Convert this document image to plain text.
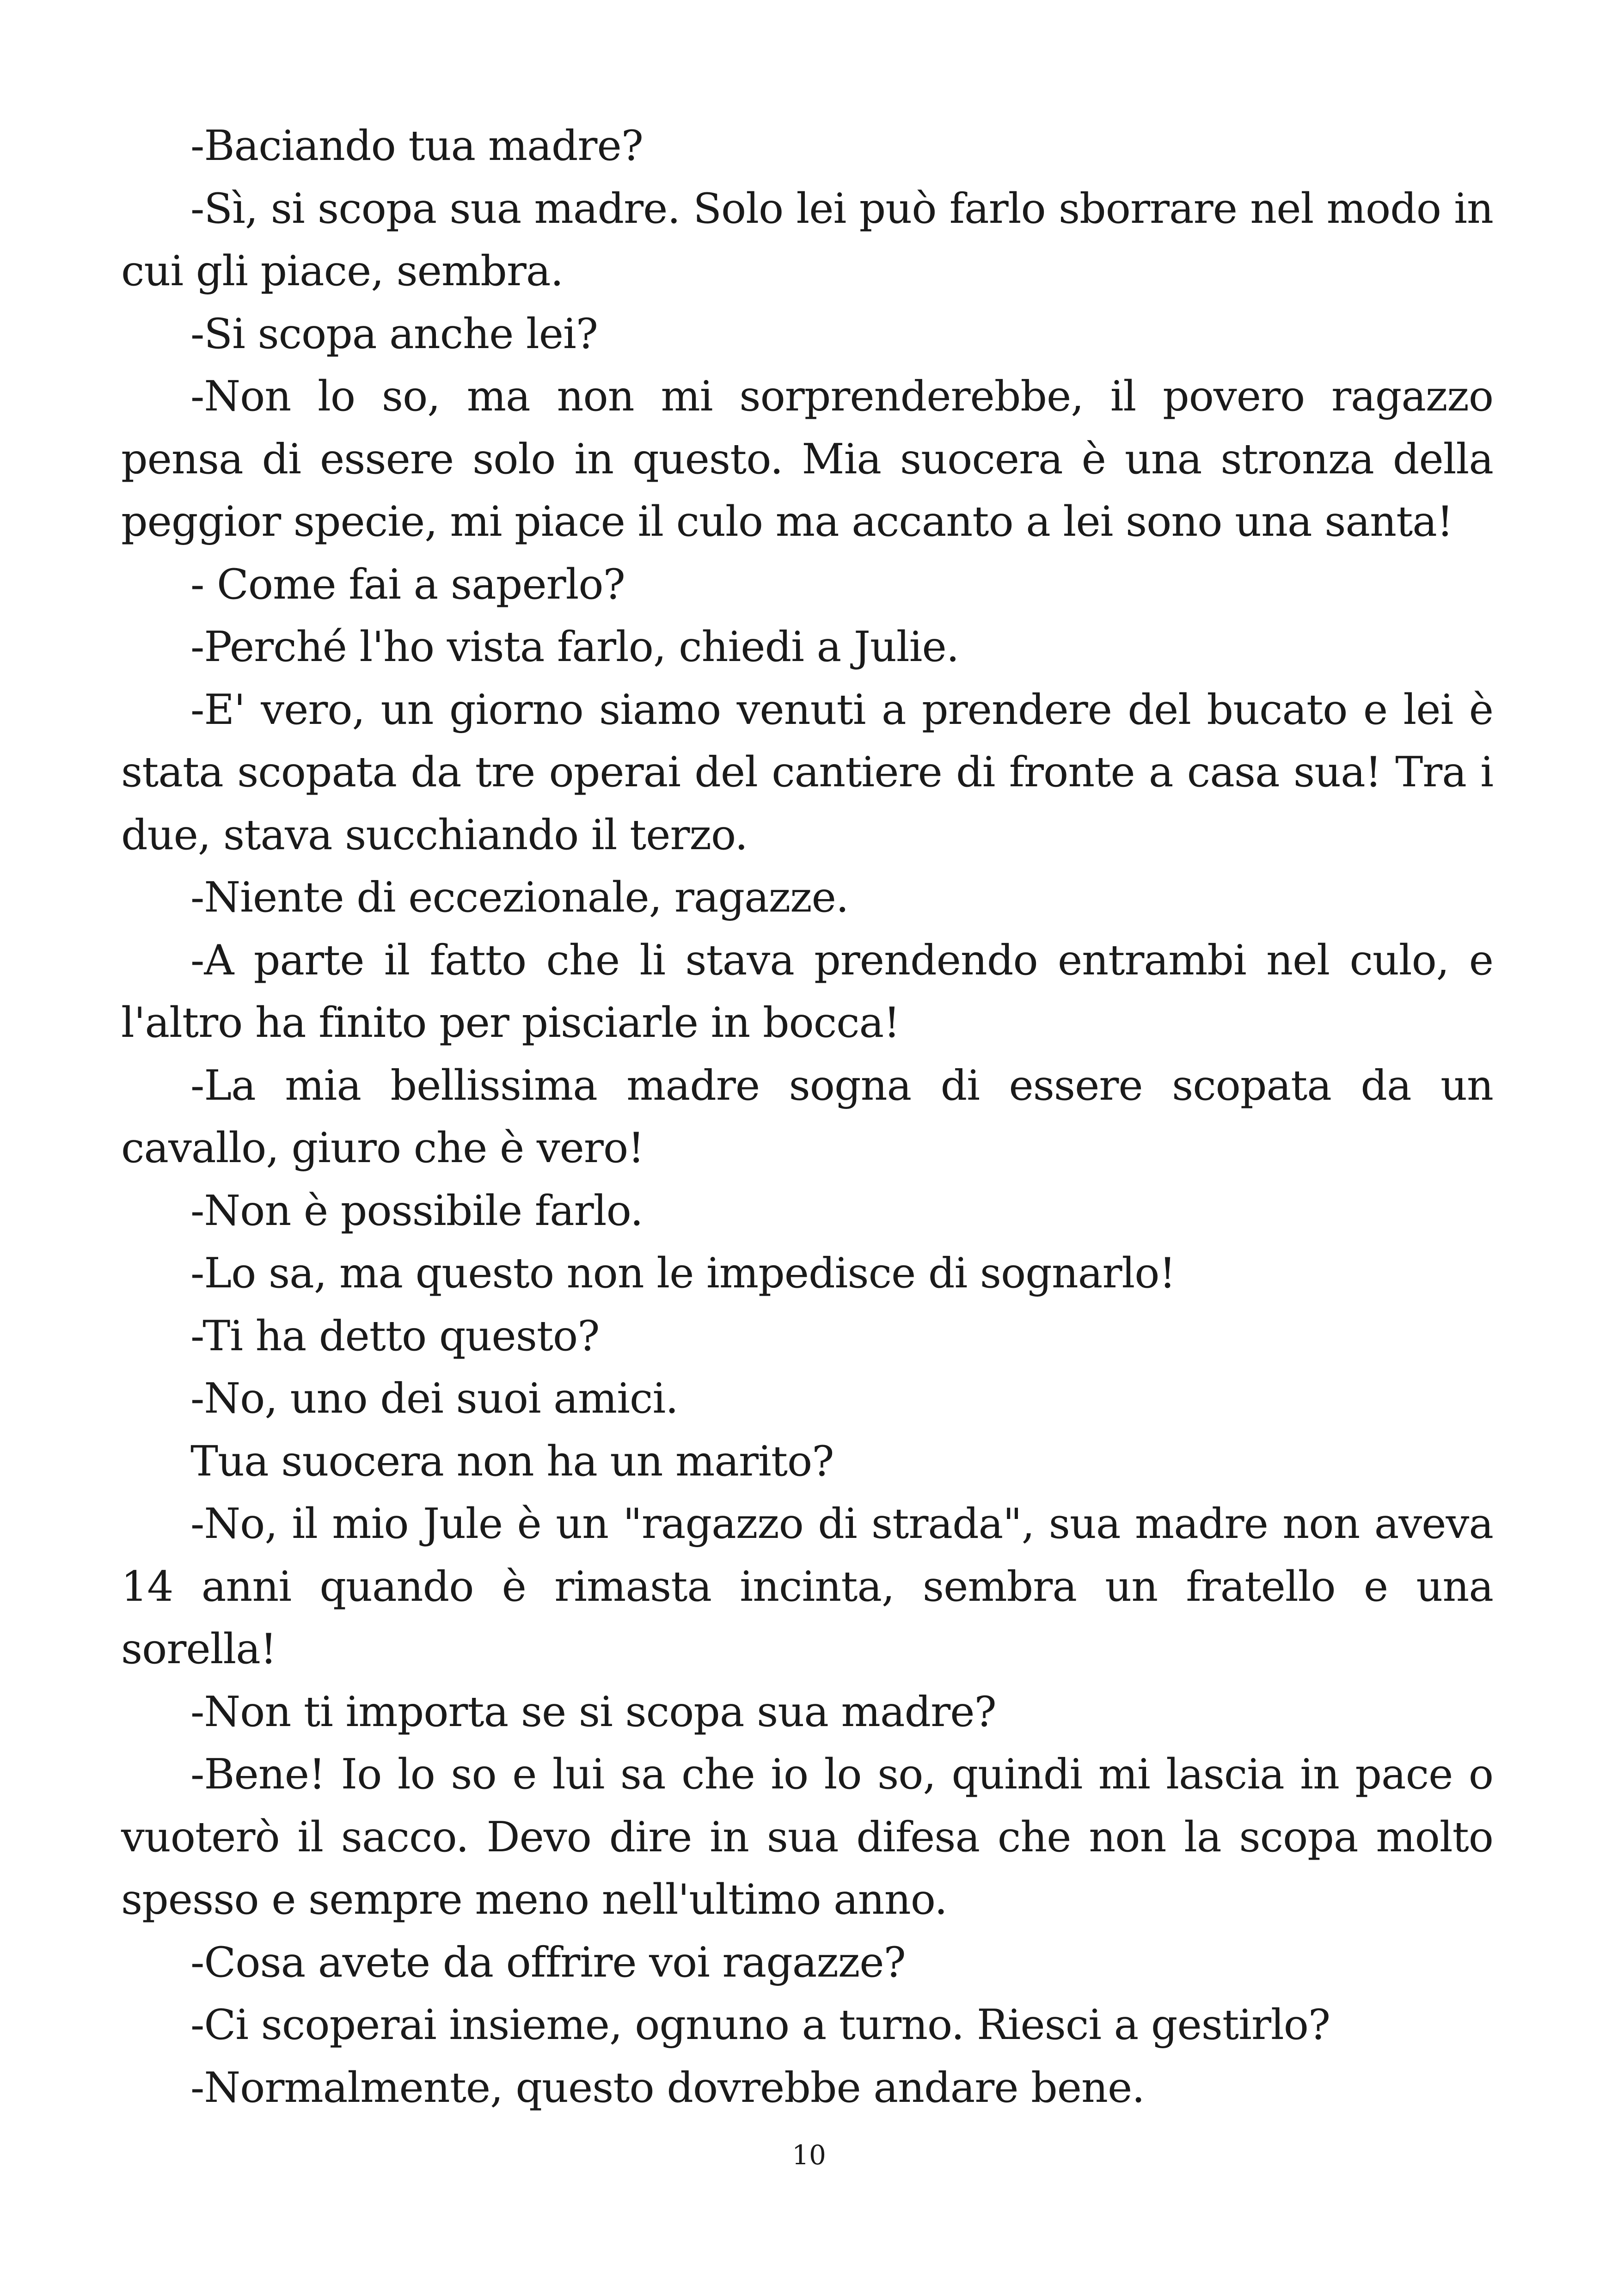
-Baciando tua madre?

-Sì, si scopa sua madre. Solo lei può farlo sborrare nel modo in cui gli piace, sembra.

-Si scopa anche lei?

-Non lo so, ma non mi sorprenderebbe, il povero ragazzo pensa di essere solo in questo. Mia suocera è una stronza della peggior specie, mi piace il culo ma accanto a lei sono una santa!

- Come fai a saperlo?

-Perché l'ho vista farlo, chiedi a Julie.

-E' vero, un giorno siamo venuti a prendere del bucato e lei è stata scopata da tre operai del cantiere di fronte a casa sua! Tra i due, stava succhiando il terzo.

-Niente di eccezionale, ragazze.

-A parte il fatto che li stava prendendo entrambi nel culo, e l'altro ha finito per pisciarle in bocca!

-La mia bellissima madre sogna di essere scopata da un cavallo, giuro che è vero!

-Non è possibile farlo.

-Lo sa, ma questo non le impedisce di sognarlo!

-Ti ha detto questo?

-No, uno dei suoi amici.

Tua suocera non ha un marito?

-No, il mio Jule è un "ragazzo di strada", sua madre non aveva 14 anni quando è rimasta incinta, sembra un fratello e una sorella!

-Non ti importa se si scopa sua madre?

-Bene! Io lo so e lui sa che io lo so, quindi mi lascia in pace o vuoterò il sacco. Devo dire in sua difesa che non la scopa molto spesso e sempre meno nell'ultimo anno.

-Cosa avete da offrire voi ragazze?

-Ci scoperai insieme, ognuno a turno. Riesci a gestirlo?

-Normalmente, questo dovrebbe andare bene.

10
